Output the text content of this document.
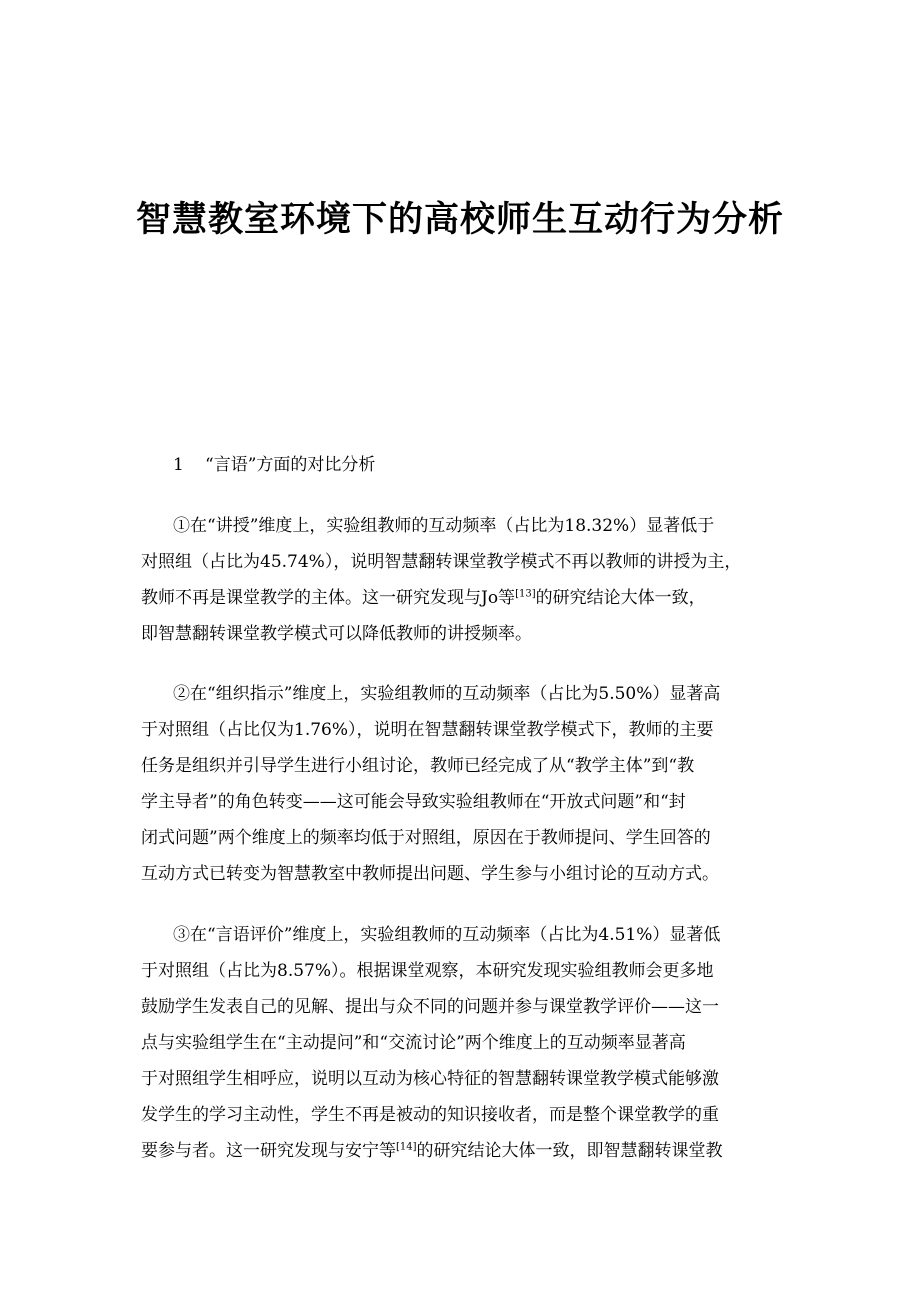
智慧教室环境下的高校师生互动行为分析

1 “言语”方面的对比分析

①在“讲授”维度上，实验组教师的互动频率（占比为18.32%）显著低于
对照组（占比为45.74%），说明智慧翻转课堂教学模式不再以教师的讲授为主，
教师不再是课堂教学的主体。这一研究发现与Jo等[13]的研究结论大体一致，
即智慧翻转课堂教学模式可以降低教师的讲授频率。
②在“组织指示”维度上，实验组教师的互动频率（占比为5.50%）显著高
于对照组（占比仅为1.76%），说明在智慧翻转课堂教学模式下，教师的主要
任务是组织并引导学生进行小组讨论，教师已经完成了从“教学主体”到“教
学主导者”的角色转变——这可能会导致实验组教师在“开放式问题”和“封
闭式问题”两个维度上的频率均低于对照组，原因在于教师提问、学生回答的
互动方式已转变为智慧教室中教师提出问题、学生参与小组讨论的互动方式。
③在“言语评价”维度上，实验组教师的互动频率（占比为4.51%）显著低
于对照组（占比为8.57%）。根据课堂观察，本研究发现实验组教师会更多地
鼓励学生发表自己的见解、提出与众不同的问题并参与课堂教学评价——这一
点与实验组学生在“主动提问”和“交流讨论”两个维度上的互动频率显著高
于对照组学生相呼应，说明以互动为核心特征的智慧翻转课堂教学模式能够激
发学生的学习主动性，学生不再是被动的知识接收者，而是整个课堂教学的重
要参与者。这一研究发现与安宁等[14]的研究结论大体一致，即智慧翻转课堂教
